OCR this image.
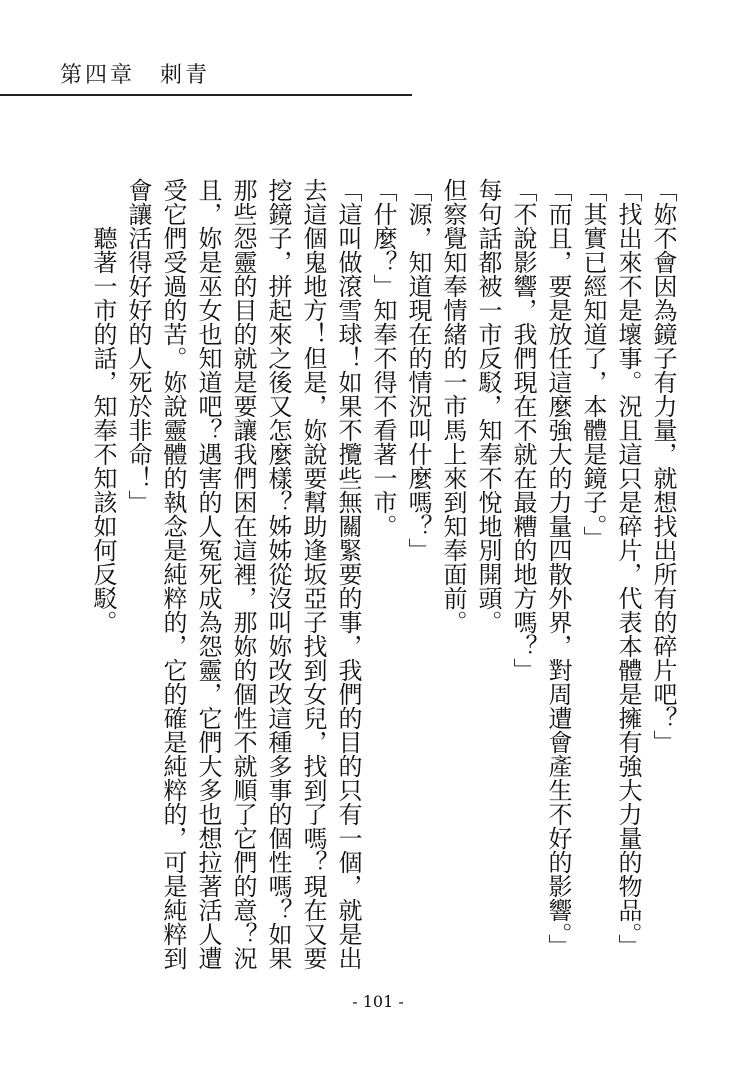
第四章　刺青

「妳不會因為鏡子有力量，就想找出所有的碎片吧？」

「找出來不是壞事。況且這只是碎片，代表本體是擁有強大力量的物品。」

「其實已經知道了，本體是鏡子。」

「而且，要是放任這麼強大的力量四散外界，對周遭會產生不好的影響。」

「不說影響，我們現在不就在最糟的地方嗎？」

每句話都被一市反駁，知奉不悅地別開頭。

但察覺知奉情緒的一市馬上來到知奉面前。

「源，知道現在的情況叫什麼嗎？」

「什麼？」知奉不得不看著一市。

「這叫做滾雪球！如果不攬些無關緊要的事，我們的目的只有一個，就是出去這個鬼地方！但是，妳說要幫助逢坂亞子找到女兒，找到了嗎？現在又要挖鏡子，拼起來之後又怎麼樣？姊姊從沒叫妳改改這種多事的個性嗎？如果那些怨靈的目的就是要讓我們困在這裡，那妳的個性不就順了它們的意？況且，妳是巫女也知道吧？遇害的人冤死成為怨靈，它們大多也想拉著活人遭受它們受過的苦。妳說靈體的執念是純粹的，它的確是純粹的，可是純粹到會讓活得好好的人死於非命！」

聽著一市的話，知奉不知該如何反駁。

- 101 -
